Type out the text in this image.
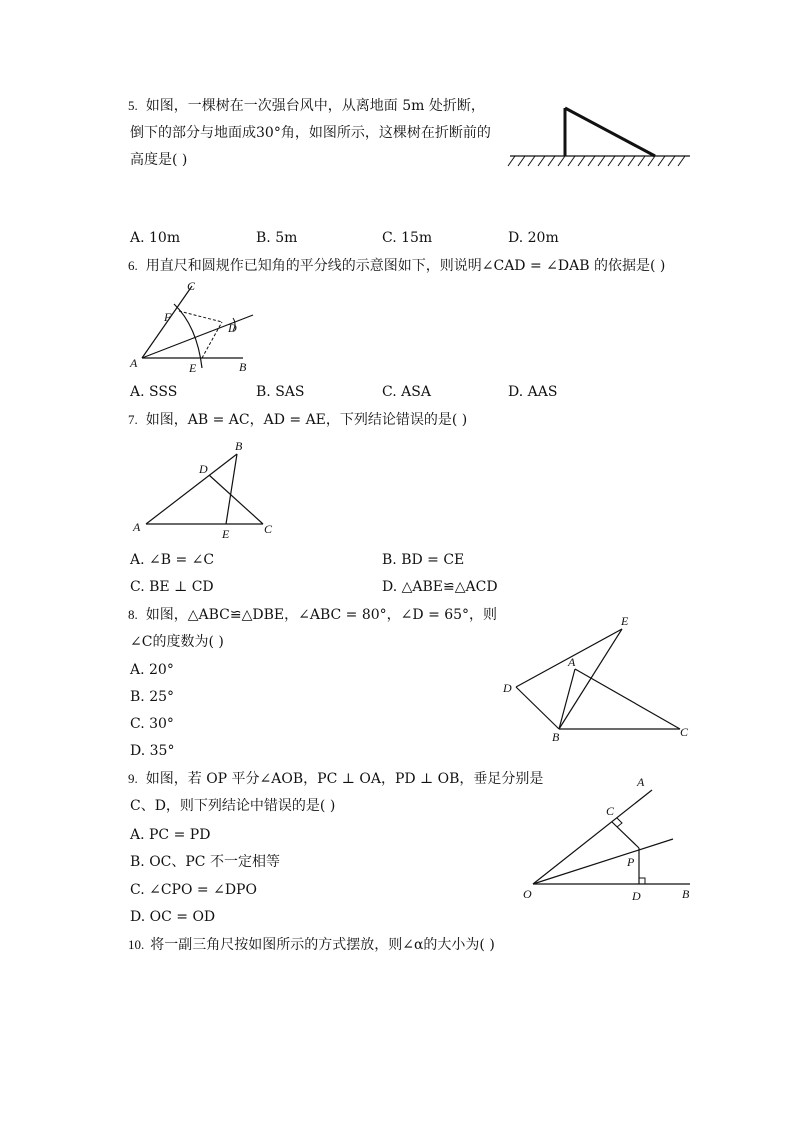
5. 如图，一棵树在一次强台风中，从离地面 5m 处折断，
倒下的部分与地面成30°角，如图所示，这棵树在折断前的
高度是( )
A. 10m	B. 5m	C. 15m	D. 20m
6. 用直尺和圆规作已知角的平分线的示意图如下，则说明∠CAD = ∠DAB 的依据是( )
C
F
D
A	E	B
A. SSS	B. SAS	C. ASA	D. AAS
7. 如图，AB = AC，AD = AE，下列结论错误的是( )
B
D
A	E	C
A. ∠B = ∠C	B. BD = CE
C. BE ⊥ CD	D. △ABE≌△ACD
8. 如图，△ABC≌△DBE，∠ABC = 80°，∠D = 65°，则
∠C的度数为( )
E
A
D
B	C
A. 20°
B. 25°
C. 30°
D. 35°
9. 如图，若 OP 平分∠AOB，PC ⊥ OA，PD ⊥ OB，垂足分别是
C、D，则下列结论中错误的是( )
A
C
P
O	D	B
A. PC = PD
B. OC、PC 不一定相等
C. ∠CPO = ∠DPO
D. OC = OD
10. 将一副三角尺按如图所示的方式摆放，则∠α的大小为( )
